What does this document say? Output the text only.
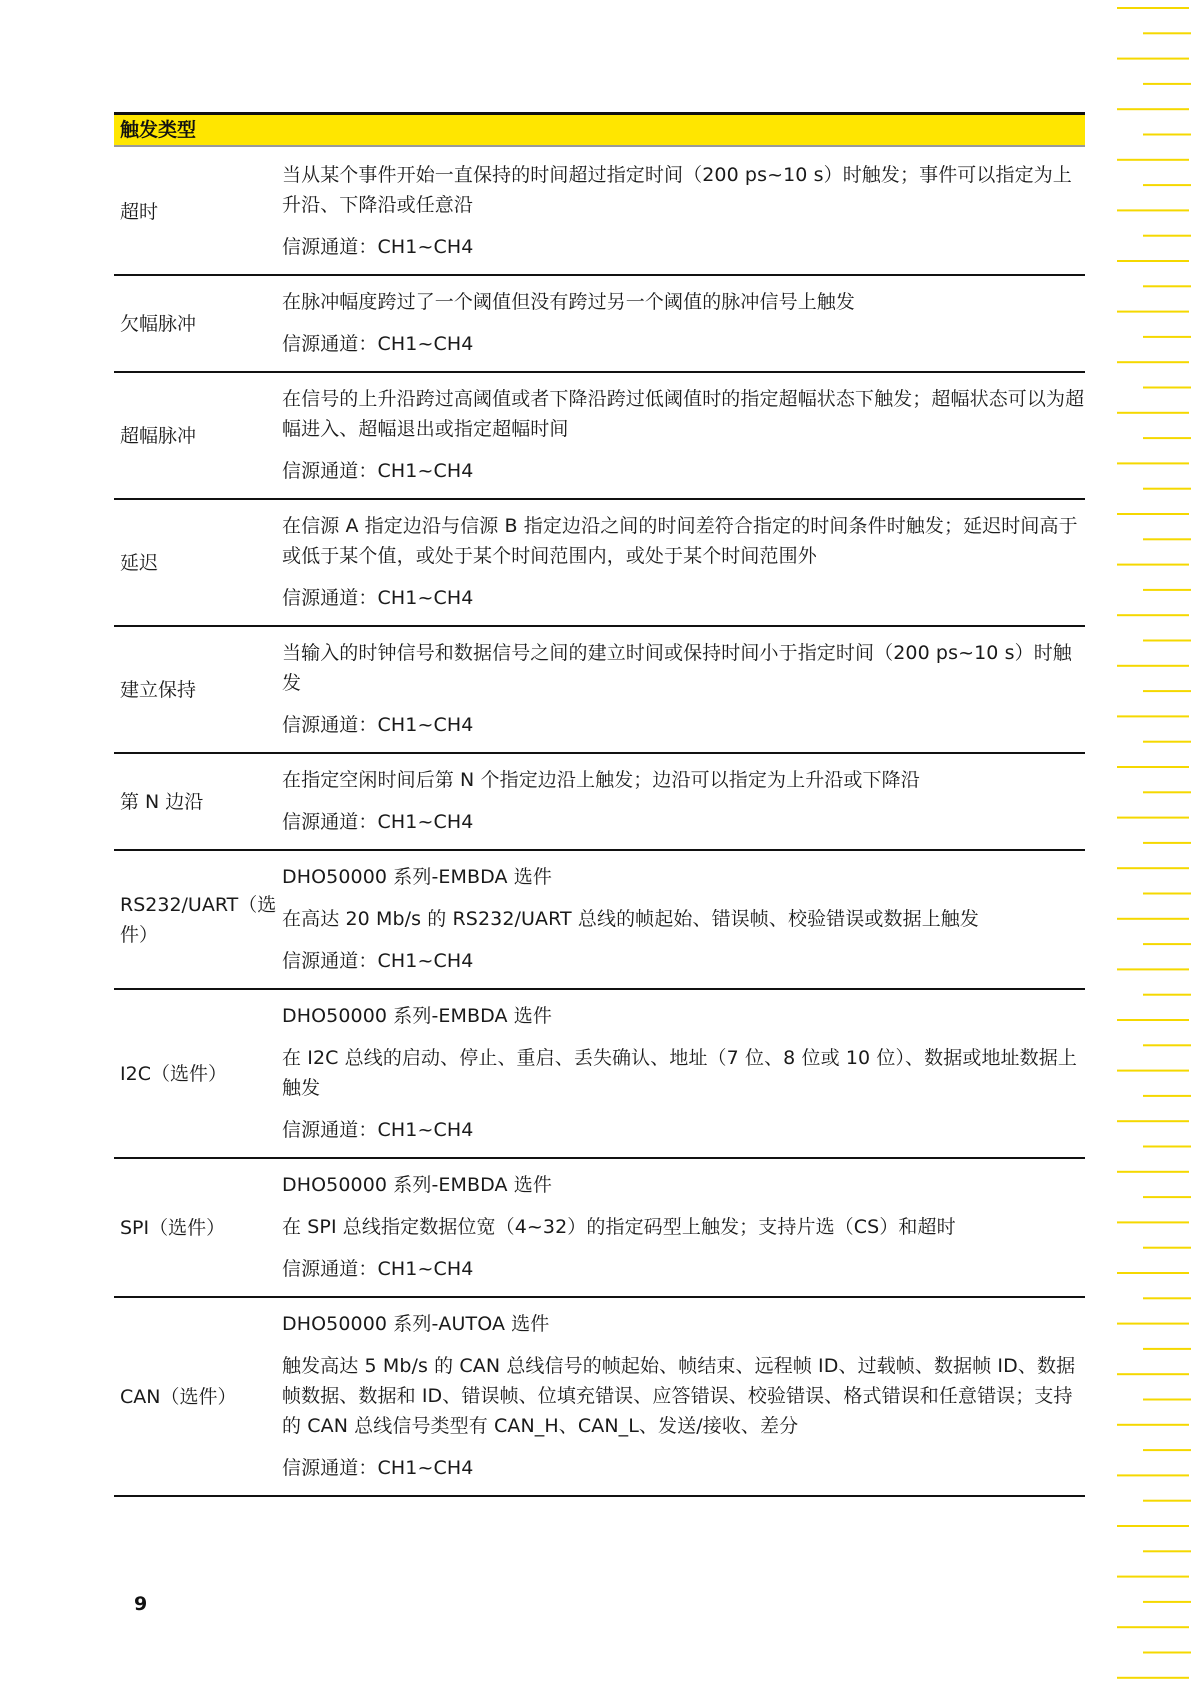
触发类型
超时

当从某个事件开始一直保持的时间超过指定时间（200 ps~10 s）时触发；事件可以指定为上升沿、下降沿或任意沿

信源通道：CH1~CH4

欠幅脉冲

在脉冲幅度跨过了一个阈值但没有跨过另一个阈值的脉冲信号上触发

信源通道：CH1~CH4

超幅脉冲

在信号的上升沿跨过高阈值或者下降沿跨过低阈值时的指定超幅状态下触发；超幅状态可以为超幅进入、超幅退出或指定超幅时间

信源通道：CH1~CH4

延迟

在信源 A 指定边沿与信源 B 指定边沿之间的时间差符合指定的时间条件时触发；延迟时间高于或低于某个值，或处于某个时间范围内，或处于某个时间范围外

信源通道：CH1~CH4

建立保持

当输入的时钟信号和数据信号之间的建立时间或保持时间小于指定时间（200 ps~10 s）时触发

信源通道：CH1~CH4

第 N 边沿

在指定空闲时间后第 N 个指定边沿上触发；边沿可以指定为上升沿或下降沿

信源通道：CH1~CH4

RS232/UART（选件）

DHO50000 系列-EMBDA 选件

在高达 20 Mb/s 的 RS232/UART 总线的帧起始、错误帧、校验错误或数据上触发

信源通道：CH1~CH4

I2C（选件）

DHO50000 系列-EMBDA 选件

在 I2C 总线的启动、停止、重启、丢失确认、地址（7 位、8 位或 10 位）、数据或地址数据上触发

信源通道：CH1~CH4

SPI（选件）

DHO50000 系列-EMBDA 选件

在 SPI 总线指定数据位宽（4~32）的指定码型上触发；支持片选（CS）和超时

信源通道：CH1~CH4

CAN（选件）

DHO50000 系列-AUTOA 选件

触发高达 5 Mb/s 的 CAN 总线信号的帧起始、帧结束、远程帧 ID、过载帧、数据帧 ID、数据帧数据、数据和 ID、错误帧、位填充错误、应答错误、校验错误、格式错误和任意错误；支持的 CAN 总线信号类型有 CAN_H、CAN_L、发送/接收、差分

信源通道：CH1~CH4

9
